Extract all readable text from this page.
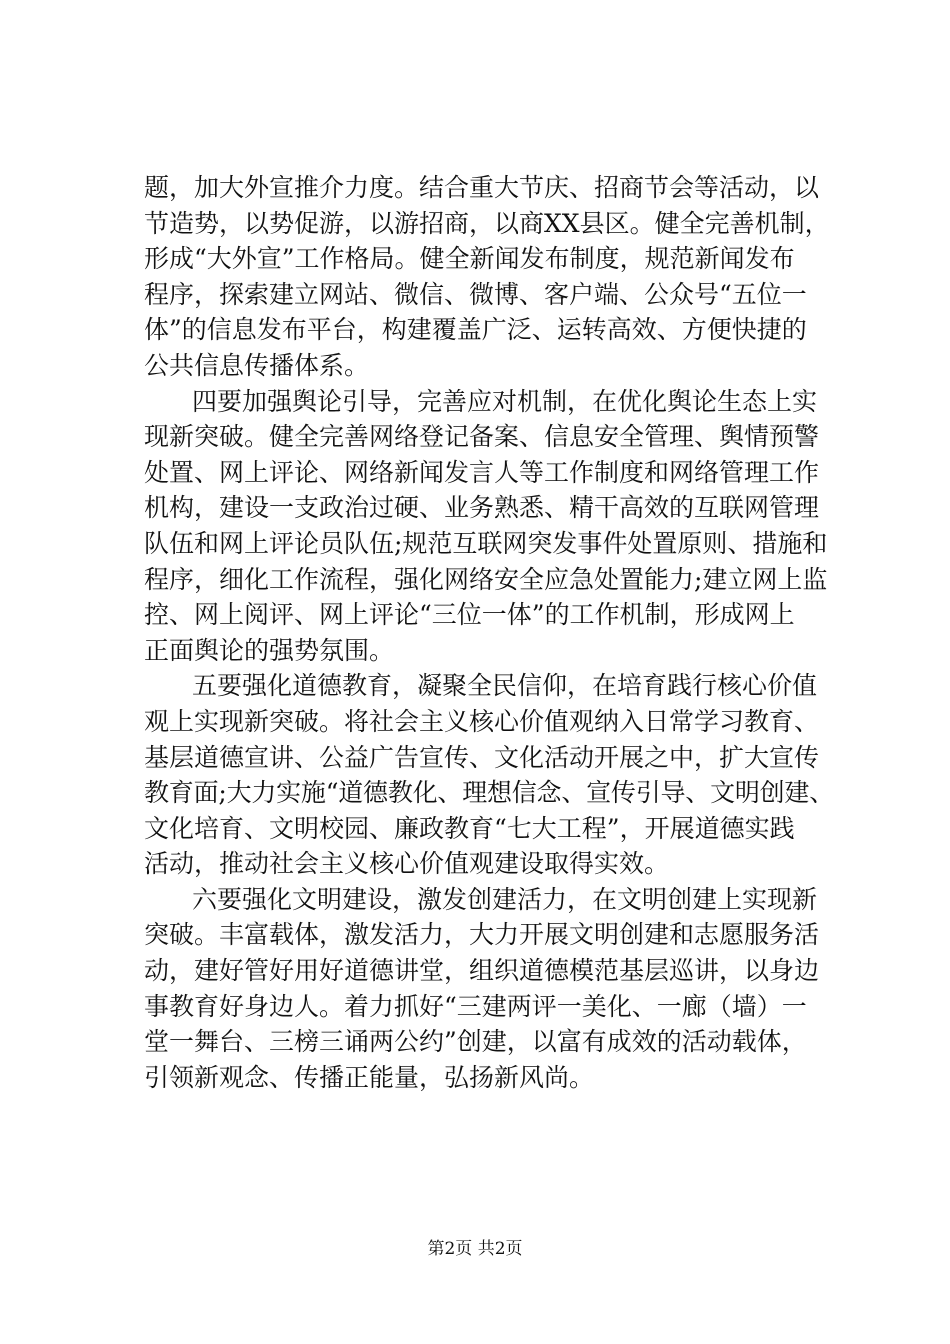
题，加大外宣推介力度。结合重大节庆、招商节会等活动，以
节造势，以势促游，以游招商，以商XX县区。健全完善机制，
形成“大外宣”工作格局。健全新闻发布制度，规范新闻发布
程序，探索建立网站、微信、微博、客户端、公众号“五位一
体”的信息发布平台，构建覆盖广泛、运转高效、方便快捷的
公共信息传播体系。
四要加强舆论引导，完善应对机制，在优化舆论生态上实
现新突破。健全完善网络登记备案、信息安全管理、舆情预警
处置、网上评论、网络新闻发言人等工作制度和网络管理工作
机构，建设一支政治过硬、业务熟悉、精干高效的互联网管理
队伍和网上评论员队伍;规范互联网突发事件处置原则、措施和
程序，细化工作流程，强化网络安全应急处置能力;建立网上监
控、网上阅评、网上评论“三位一体”的工作机制，形成网上
正面舆论的强势氛围。
五要强化道德教育，凝聚全民信仰，在培育践行核心价值
观上实现新突破。将社会主义核心价值观纳入日常学习教育、
基层道德宣讲、公益广告宣传、文化活动开展之中，扩大宣传
教育面;大力实施“道德教化、理想信念、宣传引导、文明创建、
文化培育、文明校园、廉政教育“七大工程”，开展道德实践
活动，推动社会主义核心价值观建设取得实效。
六要强化文明建设，激发创建活力，在文明创建上实现新
突破。丰富载体，激发活力，大力开展文明创建和志愿服务活
动，建好管好用好道德讲堂，组织道德模范基层巡讲，以身边
事教育好身边人。着力抓好“三建两评一美化、一廊（墙）一
堂一舞台、三榜三诵两公约”创建，以富有成效的活动载体，
引领新观念、传播正能量，弘扬新风尚。
第2页 共2页
